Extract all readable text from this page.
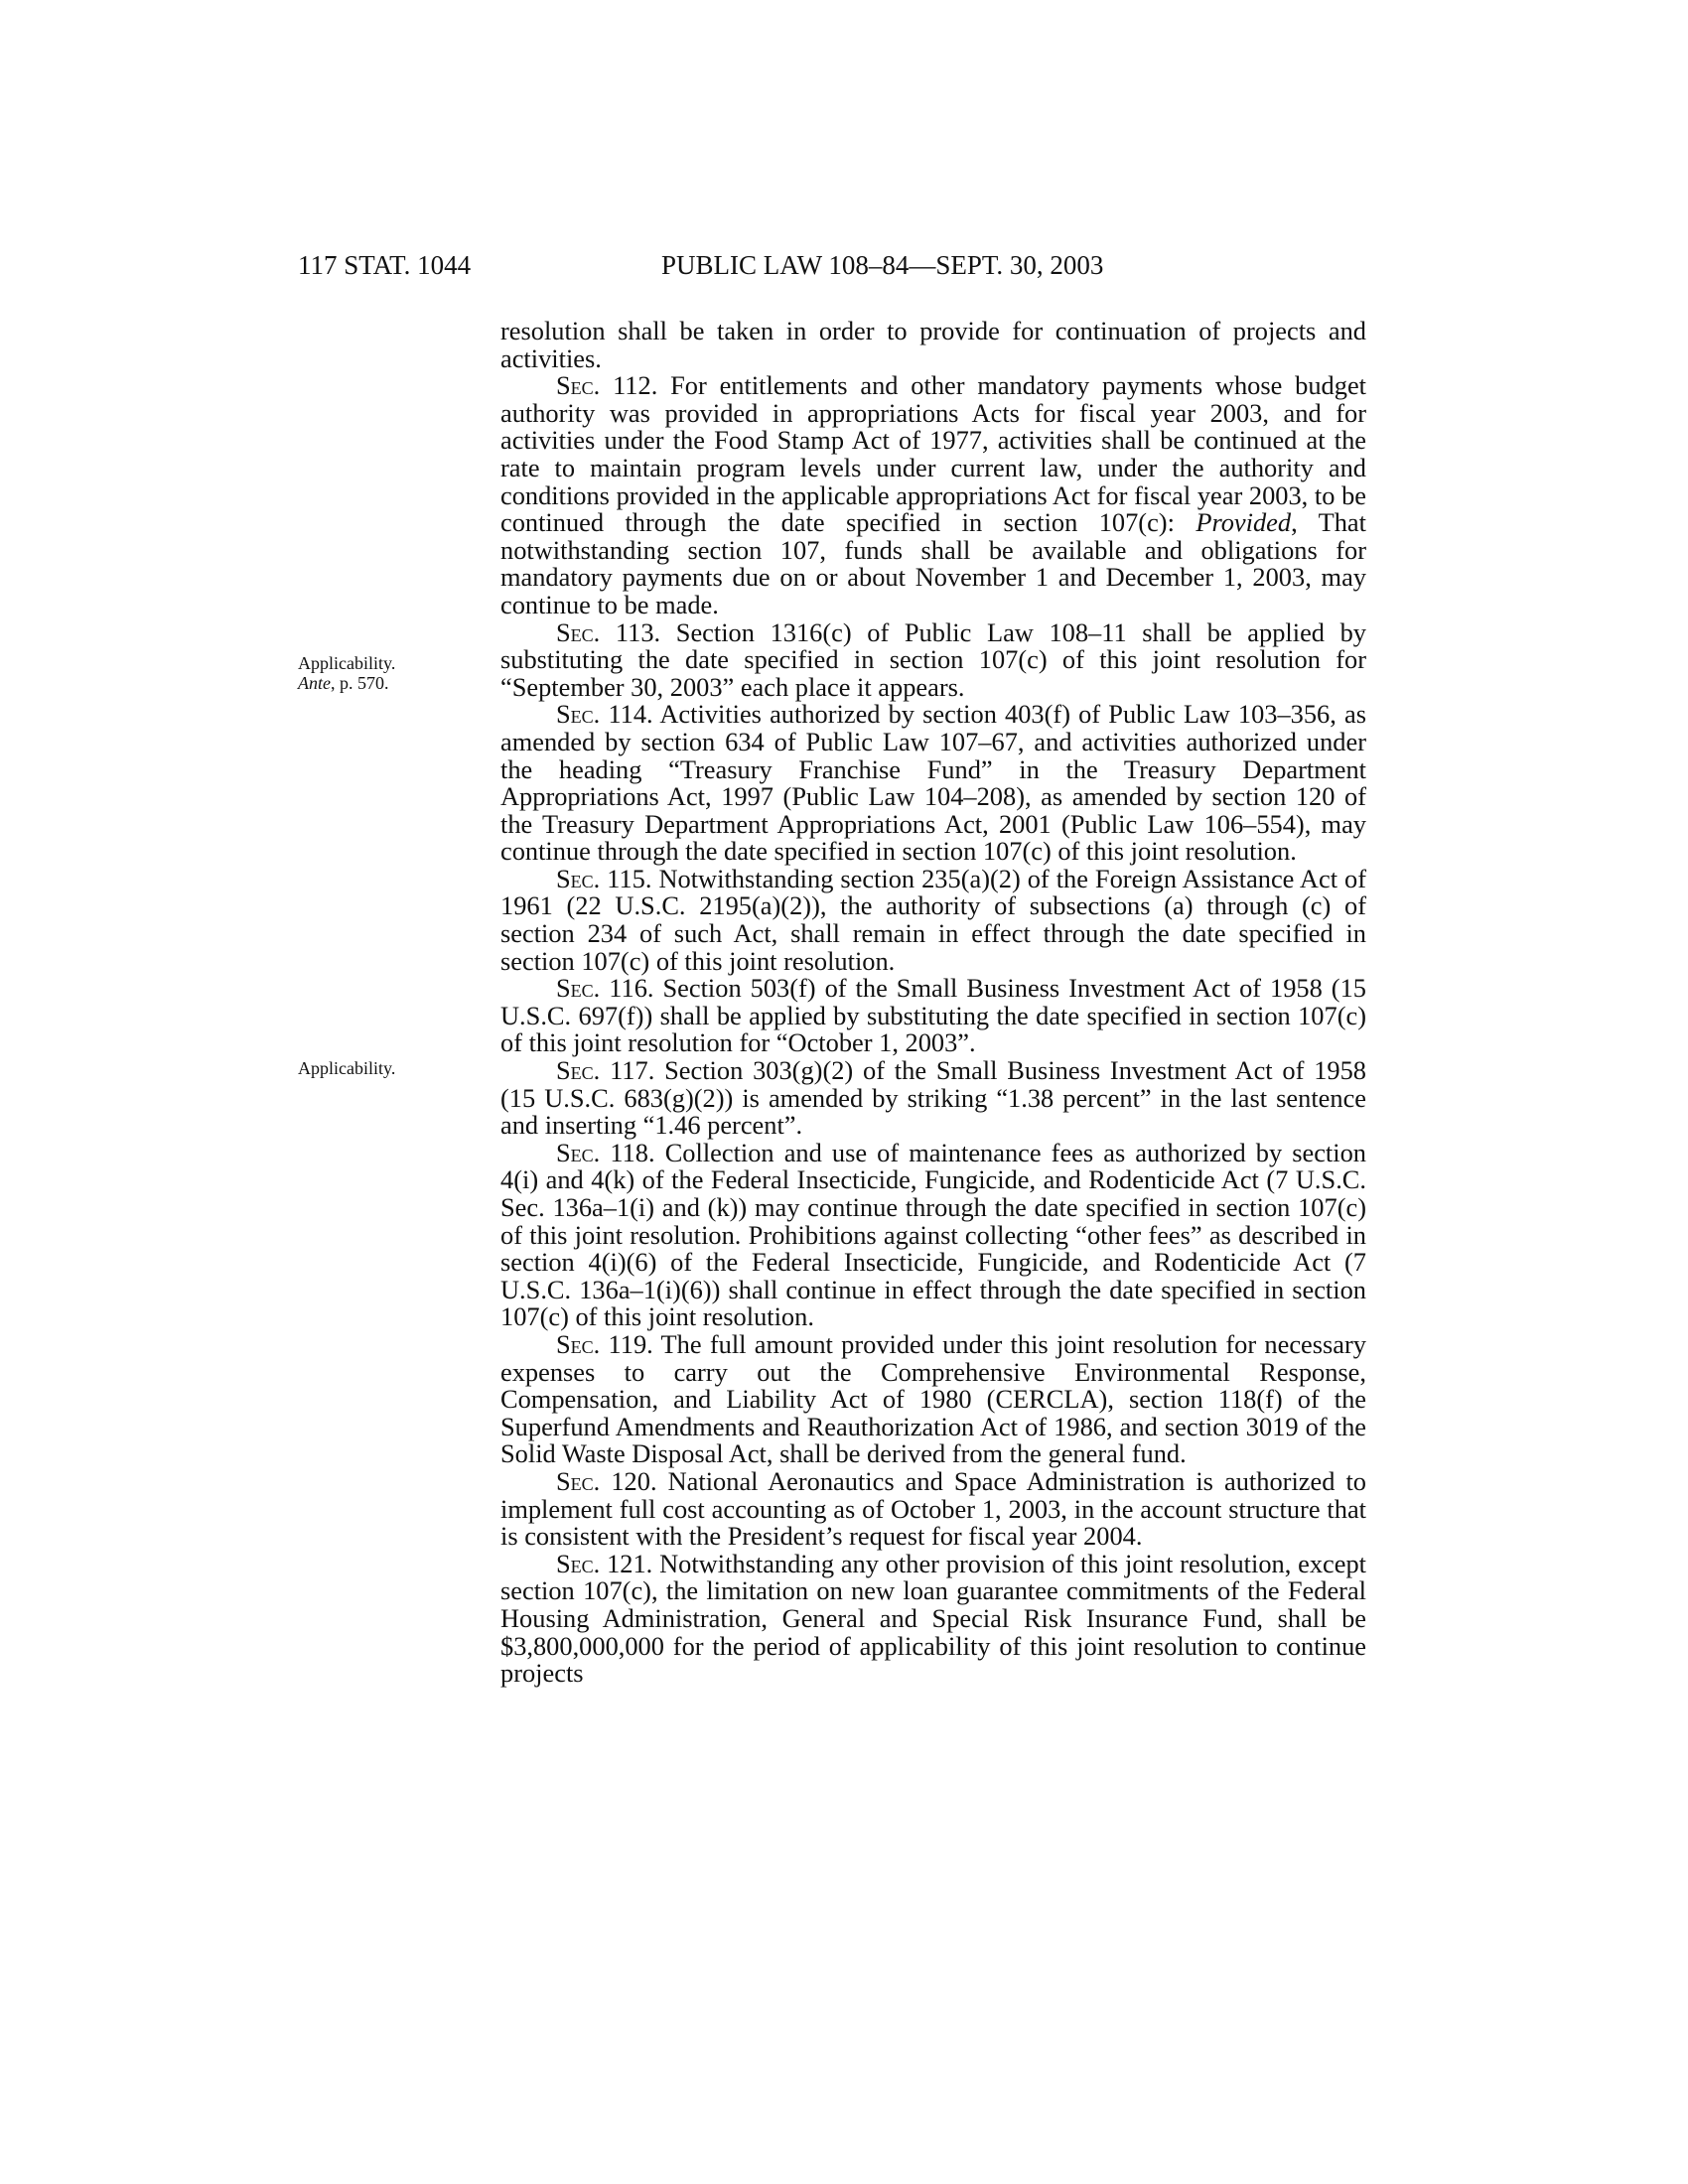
117 STAT. 1044	PUBLIC LAW 108–84—SEPT. 30, 2003
Applicability.
Ante, p. 570.
Applicability.

resolution shall be taken in order to provide for continuation of projects and activities.

Sec. 112. For entitlements and other mandatory payments whose budget authority was provided in appropriations Acts for fiscal year 2003, and for activities under the Food Stamp Act of 1977, activities shall be continued at the rate to maintain program levels under current law, under the authority and conditions provided in the applicable appropriations Act for fiscal year 2003, to be continued through the date specified in section 107(c): Provided, That notwithstanding section 107, funds shall be available and obligations for mandatory payments due on or about November 1 and December 1, 2003, may continue to be made.

Sec. 113. Section 1316(c) of Public Law 108–11 shall be applied by substituting the date specified in section 107(c) of this joint resolution for “September 30, 2003” each place it appears.

Sec. 114. Activities authorized by section 403(f) of Public Law 103–356, as amended by section 634 of Public Law 107–67, and activities authorized under the heading “Treasury Franchise Fund” in the Treasury Department Appropriations Act, 1997 (Public Law 104–208), as amended by section 120 of the Treasury Department Appropriations Act, 2001 (Public Law 106–554), may continue through the date specified in section 107(c) of this joint resolution.

Sec. 115. Notwithstanding section 235(a)(2) of the Foreign Assistance Act of 1961 (22 U.S.C. 2195(a)(2)), the authority of subsections (a) through (c) of section 234 of such Act, shall remain in effect through the date specified in section 107(c) of this joint resolution.

Sec. 116. Section 503(f) of the Small Business Investment Act of 1958 (15 U.S.C. 697(f)) shall be applied by substituting the date specified in section 107(c) of this joint resolution for “October 1, 2003”.

Sec. 117. Section 303(g)(2) of the Small Business Investment Act of 1958 (15 U.S.C. 683(g)(2)) is amended by striking “1.38 percent” in the last sentence and inserting “1.46 percent”.

Sec. 118. Collection and use of maintenance fees as authorized by section 4(i) and 4(k) of the Federal Insecticide, Fungicide, and Rodenticide Act (7 U.S.C. Sec. 136a–1(i) and (k)) may continue through the date specified in section 107(c) of this joint resolution. Prohibitions against collecting “other fees” as described in section 4(i)(6) of the Federal Insecticide, Fungicide, and Rodenticide Act (7 U.S.C. 136a–1(i)(6)) shall continue in effect through the date specified in section 107(c) of this joint resolution.

Sec. 119. The full amount provided under this joint resolution for necessary expenses to carry out the Comprehensive Environmental Response, Compensation, and Liability Act of 1980 (CERCLA), section 118(f) of the Superfund Amendments and Reauthorization Act of 1986, and section 3019 of the Solid Waste Disposal Act, shall be derived from the general fund.

Sec. 120. National Aeronautics and Space Administration is authorized to implement full cost accounting as of October 1, 2003, in the account structure that is consistent with the President’s request for fiscal year 2004.

Sec. 121. Notwithstanding any other provision of this joint resolution, except section 107(c), the limitation on new loan guarantee commitments of the Federal Housing Administration, General and Special Risk Insurance Fund, shall be $3,800,000,000 for the period of applicability of this joint resolution to continue projects
